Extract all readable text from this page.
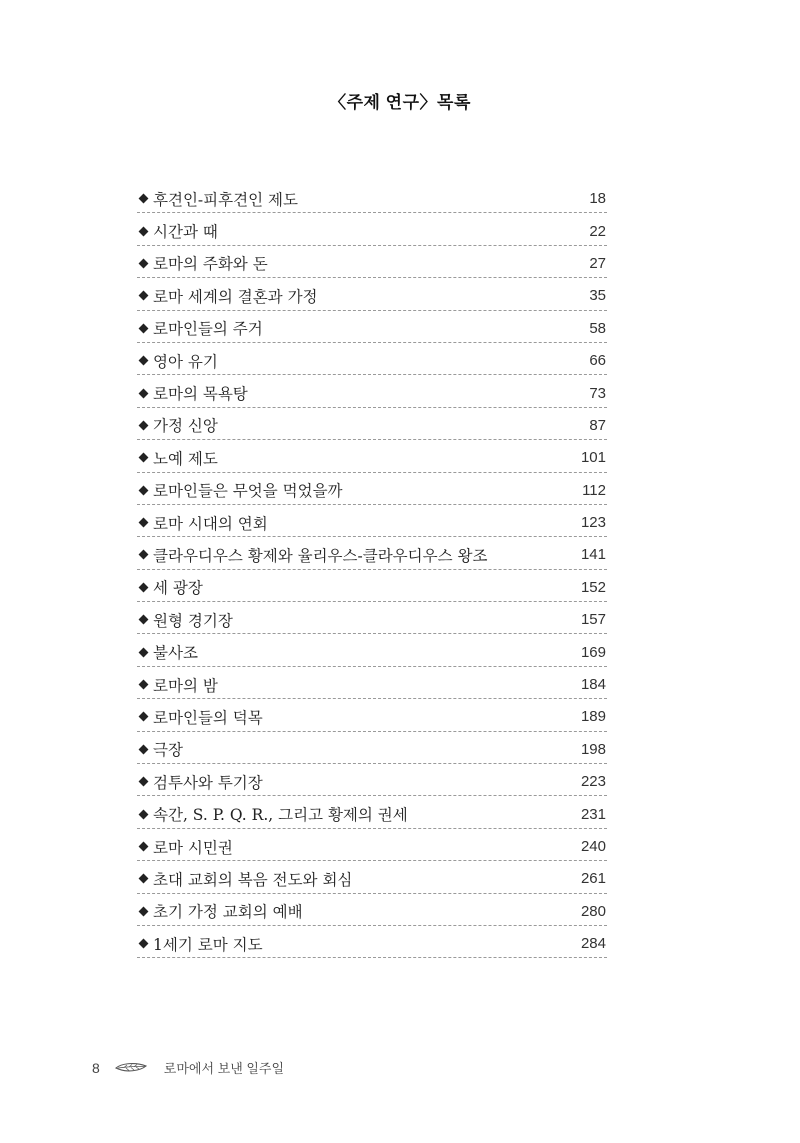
〈주제 연구〉목록
후견인-피후견인 제도	18
시간과 때	22
로마의 주화와 돈	27
로마 세계의 결혼과 가정	35
로마인들의 주거	58
영아 유기	66
로마의 목욕탕	73
가정 신앙	87
노예 제도	101
로마인들은 무엇을 먹었을까	112
로마 시대의 연회	123
클라우디우스 황제와 율리우스-클라우디우스 왕조	141
세 광장	152
원형 경기장	157
불사조	169
로마의 밤	184
로마인들의 덕목	189
극장	198
검투사와 투기장	223
속간, S. P. Q. R., 그리고 황제의 권세	231
로마 시민권	240
초대 교회의 복음 전도와 회심	261
초기 가정 교회의 예배	280
1세기 로마 지도	284
8	로마에서 보낸 일주일
